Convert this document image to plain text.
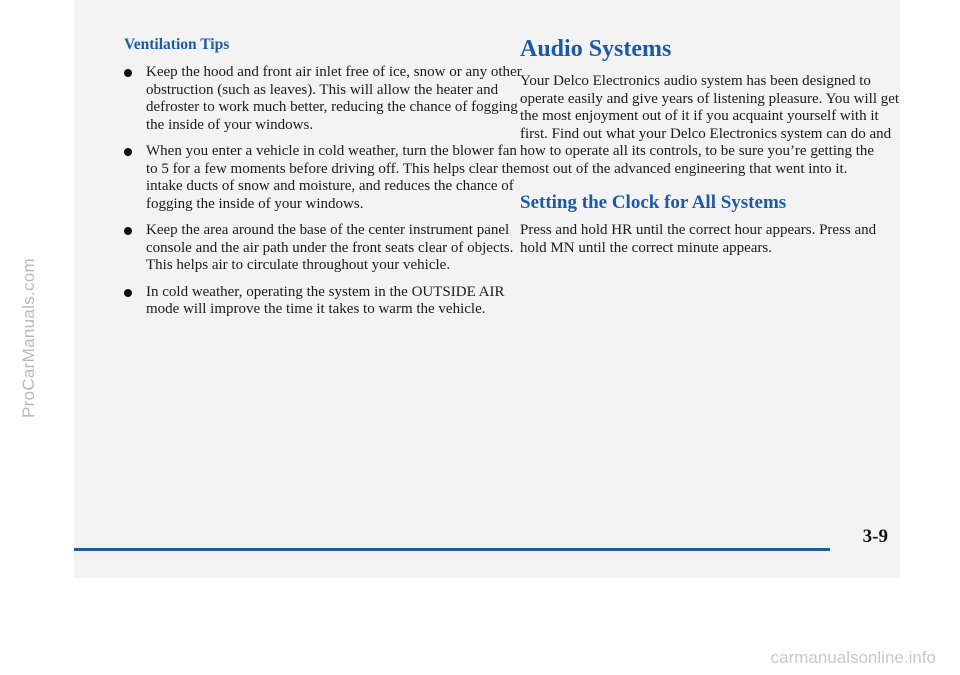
ProCarManuals.com
Ventilation Tips
Keep the hood and front air inlet free of ice, snow or any other obstruction (such as leaves). This will allow the heater and defroster to work much better, reducing the chance of fogging the inside of your windows.
When you enter a vehicle in cold weather, turn the blower fan to 5 for a few moments before driving off. This helps clear the intake ducts of snow and moisture, and reduces the chance of fogging the inside of your windows.
Keep the area around the base of the center instrument panel console and the air path under the front seats clear of objects. This helps air to circulate throughout your vehicle.
In cold weather, operating the system in the OUTSIDE AIR mode will improve the time it takes to warm the vehicle.
Audio Systems

Your Delco Electronics audio system has been designed to operate easily and give years of listening pleasure. You will get the most enjoyment out of it if you acquaint yourself with it first. Find out what your Delco Electronics system can do and how to operate all its controls, to be sure you’re getting the most out of the advanced engineering that went into it.

Setting the Clock for All Systems

Press and hold HR until the correct hour appears. Press and hold MN until the correct minute appears.

3-9
carmanualsonline.info
